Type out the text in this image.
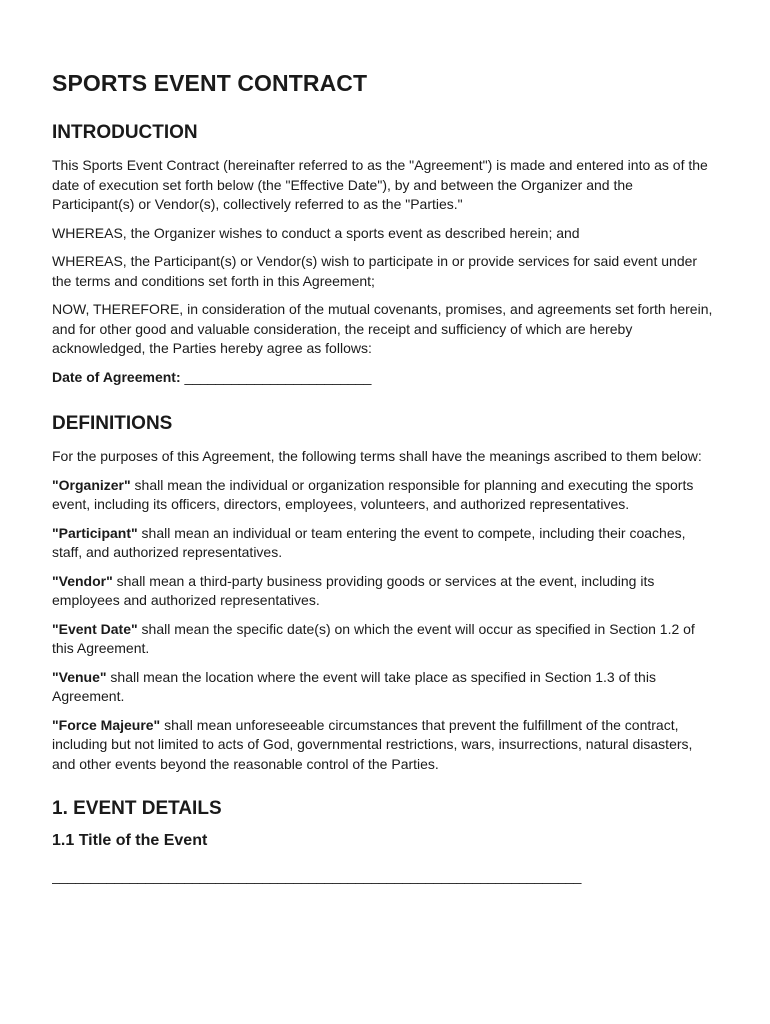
SPORTS EVENT CONTRACT
INTRODUCTION

This Sports Event Contract (hereinafter referred to as the "Agreement") is made and entered into as of the date of execution set forth below (the "Effective Date"), by and between the Organizer and the Participant(s) or Vendor(s), collectively referred to as the "Parties."

WHEREAS, the Organizer wishes to conduct a sports event as described herein; and

WHEREAS, the Participant(s) or Vendor(s) wish to participate in or provide services for said event under the terms and conditions set forth in this Agreement;

NOW, THEREFORE, in consideration of the mutual covenants, promises, and agreements set forth herein, and for other good and valuable consideration, the receipt and sufficiency of which are hereby acknowledged, the Parties hereby agree as follows:

Date of Agreement: ________________________

DEFINITIONS

For the purposes of this Agreement, the following terms shall have the meanings ascribed to them below:

"Organizer" shall mean the individual or organization responsible for planning and executing the sports event, including its officers, directors, employees, volunteers, and authorized representatives.

"Participant" shall mean an individual or team entering the event to compete, including their coaches, staff, and authorized representatives.

"Vendor" shall mean a third-party business providing goods or services at the event, including its employees and authorized representatives.

"Event Date" shall mean the specific date(s) on which the event will occur as specified in Section 1.2 of this Agreement.

"Venue" shall mean the location where the event will take place as specified in Section 1.3 of this Agreement.

"Force Majeure" shall mean unforeseeable circumstances that prevent the fulfillment of the contract, including but not limited to acts of God, governmental restrictions, wars, insurrections, natural disasters, and other events beyond the reasonable control of the Parties.

1. EVENT DETAILS
1.1 Title of the Event
____________________________________________________________________
